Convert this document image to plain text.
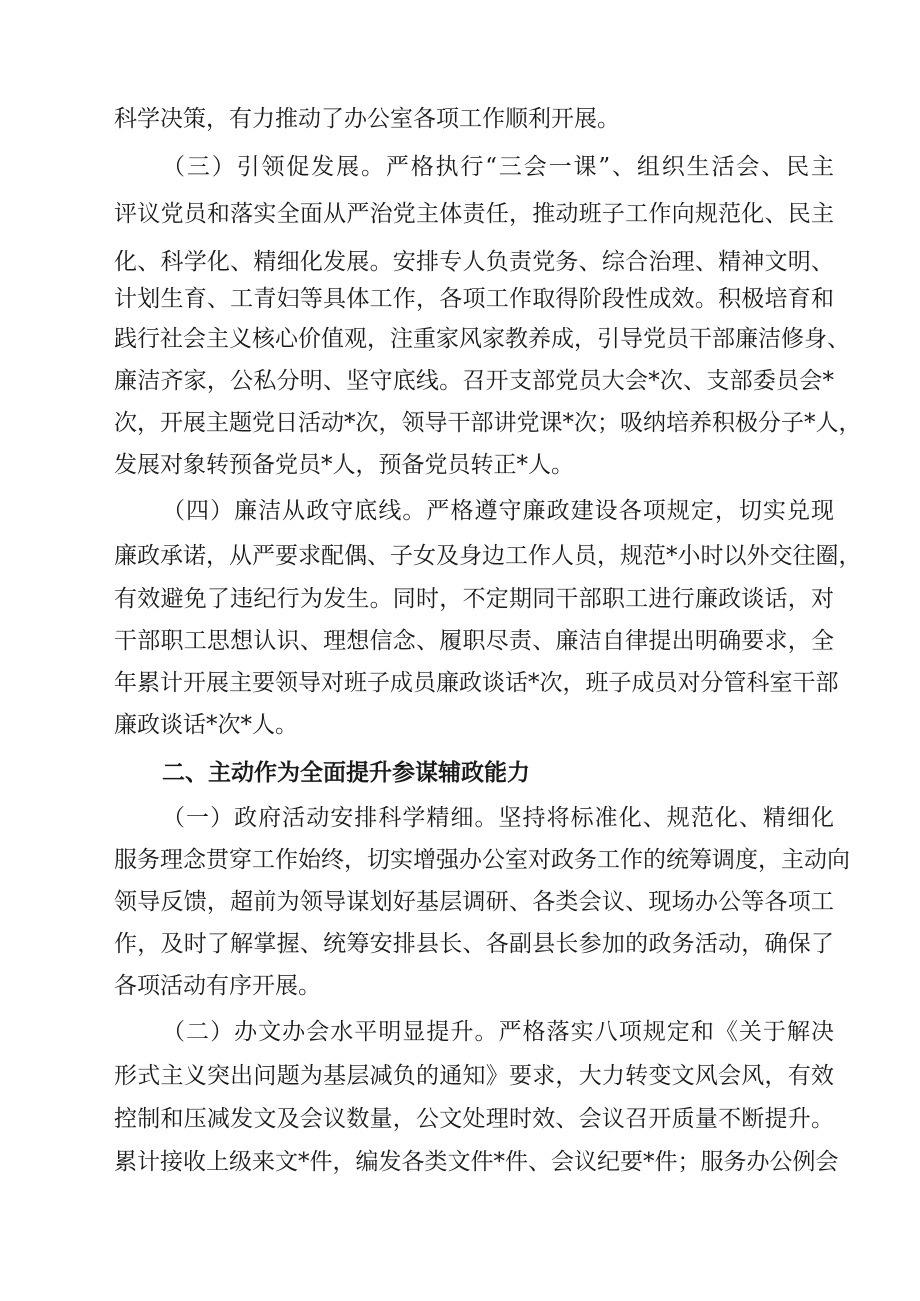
科学决策，有力推动了办公室各项工作顺利开展。
（三）引领促发展。严格执行“三会一课”、组织生活会、民主
评议党员和落实全面从严治党主体责任，推动班子工作向规范化、民主
化、科学化、精细化发展。安排专人负责党务、综合治理、精神文明、
计划生育、工青妇等具体工作，各项工作取得阶段性成效。积极培育和
践行社会主义核心价值观，注重家风家教养成，引导党员干部廉洁修身、
廉洁齐家，公私分明、坚守底线。召开支部党员大会*次、支部委员会*
次，开展主题党日活动*次，领导干部讲党课*次；吸纳培养积极分子*人，
发展对象转预备党员*人，预备党员转正*人。
（四）廉洁从政守底线。严格遵守廉政建设各项规定，切实兑现
廉政承诺，从严要求配偶、子女及身边工作人员，规范*小时以外交往圈，
有效避免了违纪行为发生。同时，不定期同干部职工进行廉政谈话，对
干部职工思想认识、理想信念、履职尽责、廉洁自律提出明确要求，全
年累计开展主要领导对班子成员廉政谈话*次，班子成员对分管科室干部
廉政谈话*次*人。
二、主动作为全面提升参谋辅政能力
（一）政府活动安排科学精细。坚持将标准化、规范化、精细化
服务理念贯穿工作始终，切实增强办公室对政务工作的统筹调度，主动向
领导反馈，超前为领导谋划好基层调研、各类会议、现场办公等各项工
作，及时了解掌握、统筹安排县长、各副县长参加的政务活动，确保了
各项活动有序开展。
（二）办文办会水平明显提升。严格落实八项规定和《关于解决
形式主义突出问题为基层减负的通知》要求，大力转变文风会风，有效
控制和压减发文及会议数量，公文处理时效、会议召开质量不断提升。
累计接收上级来文*件，编发各类文件*件、会议纪要*件；服务办公例会
